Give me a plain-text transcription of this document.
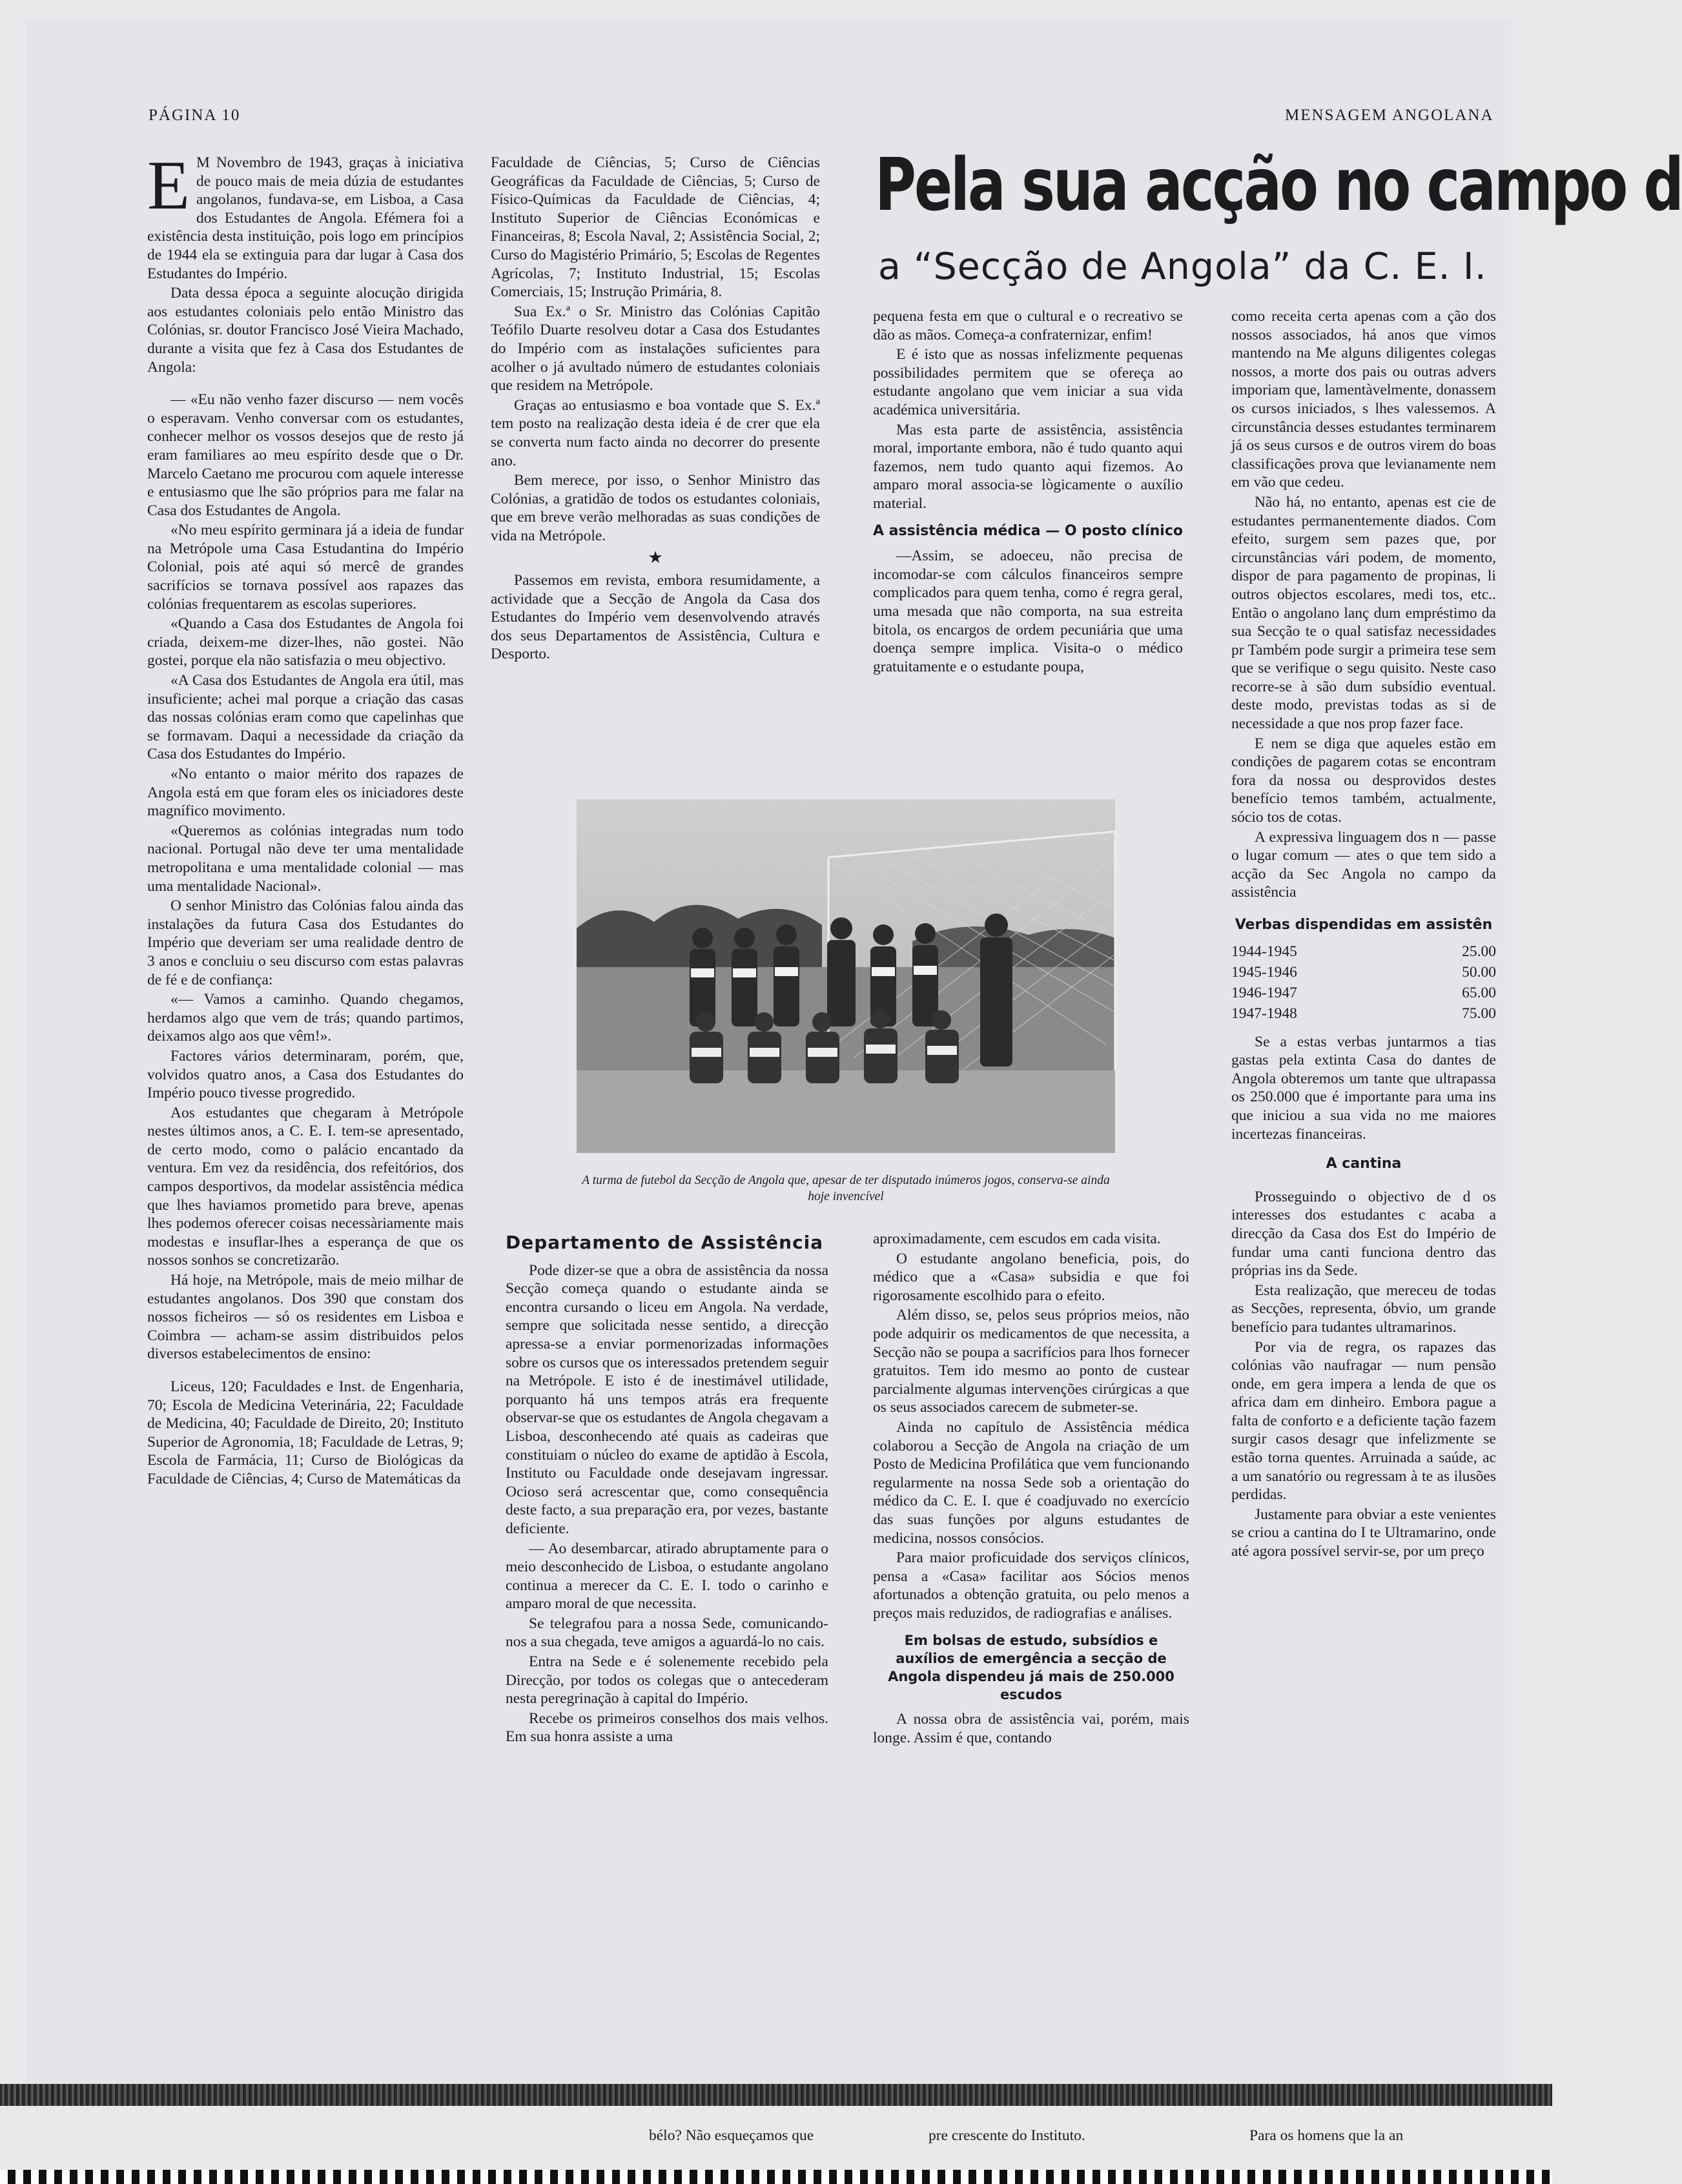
PÁGINA 10	MENSAGEM ANGOLANA
Pela sua acção no campo d
a “Secção de Angola” da C. E. I.
E M Novembro de 1943, graças à iniciativa de pouco mais de meia dúzia de estudantes angolanos, fundava-se, em Lisboa, a Casa dos Estudantes de Angola. Efémera foi a existência desta instituição, pois logo em princípios de 1944 ela se extinguia para dar lugar à Casa dos Estudantes do Império.

Data dessa época a seguinte alocução dirigida aos estudantes coloniais pelo então Ministro das Colónias, sr. doutor Francisco José Vieira Machado, durante a visita que fez à Casa dos Estudantes de Angola:

— «Eu não venho fazer discurso — nem vocês o esperavam. Venho conversar com os estudantes, conhecer melhor os vossos desejos que de resto já eram familiares ao meu espírito desde que o Dr. Marcelo Caetano me procurou com aquele interesse e entusiasmo que lhe são próprios para me falar na Casa dos Estudantes de Angola.

«No meu espírito germinara já a ideia de fundar na Metrópole uma Casa Estudantina do Império Colonial, pois até aqui só mercê de grandes sacrifícios se tornava possível aos rapazes das colónias frequentarem as escolas superiores.

«Quando a Casa dos Estudantes de Angola foi criada, deixem-me dizer-lhes, não gostei. Não gostei, porque ela não satisfazia o meu objectivo.

«A Casa dos Estudantes de Angola era útil, mas insuficiente; achei mal porque a criação das casas das nossas colónias eram como que capelinhas que se formavam. Daqui a necessidade da criação da Casa dos Estudantes do Império.

«No entanto o maior mérito dos rapazes de Angola está em que foram eles os iniciadores deste magnífico movimento.

«Queremos as colónias integradas num todo nacional. Portugal não deve ter uma mentalidade metropolitana e uma mentalidade colonial — mas uma mentalidade Nacional».

O senhor Ministro das Colónias falou ainda das instalações da futura Casa dos Estudantes do Império que deveriam ser uma realidade dentro de 3 anos e concluiu o seu discurso com estas palavras de fé e de confiança:

«— Vamos a caminho. Quando chegamos, herdamos algo que vem de trás; quando partimos, deixamos algo aos que vêm!».

Factores vários determinaram, porém, que, volvidos quatro anos, a Casa dos Estudantes do Império pouco tivesse progredido.

Aos estudantes que chegaram à Metrópole nestes últimos anos, a C. E. I. tem-se apresentado, de certo modo, como o palácio encantado da ventura. Em vez da residência, dos refeitórios, dos campos desportivos, da modelar assistência médica que lhes haviamos prometido para breve, apenas lhes podemos oferecer coisas necessàriamente mais modestas e insuflar-lhes a esperança de que os nossos sonhos se concretizarão.

Há hoje, na Metrópole, mais de meio milhar de estudantes angolanos. Dos 390 que constam dos nossos ficheiros — só os residentes em Lisboa e Coimbra — acham-se assim distribuidos pelos diversos estabelecimentos de ensino:

Liceus, 120; Faculdades e Inst. de Engenharia, 70; Escola de Medicina Veterinária, 22; Faculdade de Medicina, 40; Faculdade de Direito, 20; Instituto Superior de Agronomia, 18; Faculdade de Letras, 9; Escola de Farmácia, 11; Curso de Biológicas da Faculdade de Ciências, 4; Curso de Matemáticas da

Faculdade de Ciências, 5; Curso de Ciências Geográficas da Faculdade de Ciências, 5; Curso de Físico-Químicas da Faculdade de Ciências, 4; Instituto Superior de Ciências Económicas e Financeiras, 8; Escola Naval, 2; Assistência Social, 2; Curso do Magistério Primário, 5; Escolas de Regentes Agrícolas, 7; Instituto Industrial, 15; Escolas Comerciais, 15; Instrução Primária, 8.

Sua Ex.ª o Sr. Ministro das Colónias Capitão Teófilo Duarte resolveu dotar a Casa dos Estudantes do Império com as instalações suficientes para acolher o já avultado número de estudantes coloniais que residem na Metrópole.

Graças ao entusiasmo e boa vontade que S. Ex.ª tem posto na realização desta ideia é de crer que ela se converta num facto ainda no decorrer do presente ano.

Bem merece, por isso, o Senhor Ministro das Colónias, a gratidão de todos os estudantes coloniais, que em breve verão melhoradas as suas condições de vida na Metrópole.

★

Passemos em revista, embora resumidamente, a actividade que a Secção de Angola da Casa dos Estudantes do Império vem desenvolvendo através dos seus Departamentos de Assistência, Cultura e Desporto.

pequena festa em que o cultural e o recreativo se dão as mãos. Começa-a confraternizar, enfim!

E é isto que as nossas infelizmente pequenas possibilidades permitem que se ofereça ao estudante angolano que vem iniciar a sua vida académica universitária.

Mas esta parte de assistência, assistência moral, importante embora, não é tudo quanto aqui fazemos, nem tudo quanto aqui fizemos. Ao amparo moral associa-se lògicamente o auxílio material.

A assistência médica — O posto clínico

—Assim, se adoeceu, não precisa de incomodar-se com cálculos financeiros sempre complicados para quem tenha, como é regra geral, uma mesada que não comporta, na sua estreita bitola, os encargos de ordem pecuniária que uma doença sempre implica. Visita-o o médico gratuitamente e o estudante poupa,

como receita certa apenas com a ção dos nossos associados, há anos que vimos mantendo na Me alguns diligentes colegas nossos, a morte dos pais ou outras advers imporiam que, lamentàvelmente, donassem os cursos iniciados, s lhes valessemos. A circunstância desses estudantes terminarem já os seus cursos e de outros virem do boas classificações prova que levianamente nem em vão que cedeu.

Não há, no entanto, apenas est cie de estudantes permanentemente diados. Com efeito, surgem sem pazes que, por circunstâncias vári podem, de momento, dispor de para pagamento de propinas, li outros objectos escolares, medi tos, etc.. Então o angolano lanç dum empréstimo da sua Secção te o qual satisfaz necessidades pr Também pode surgir a primeira tese sem que se verifique o segu quisito. Neste caso recorre-se à são dum subsídio eventual. deste modo, previstas todas as si de necessidade a que nos prop fazer face.

E nem se diga que aqueles estão em condições de pagarem cotas se encontram fora da nossa ou desprovidos destes benefício temos também, actualmente, sócio tos de cotas.

A expressiva linguagem dos n — passe o lugar comum — ates o que tem sido a acção da Sec Angola no campo da assistência

Verbas dispendidas em assistên
1944-1945	25.00
1945-1946	50.00
1946-1947	65.00
1947-1948	75.00

Se a estas verbas juntarmos a tias gastas pela extinta Casa do dantes de Angola obteremos um tante que ultrapassa os 250.000 que é importante para uma ins que iniciou a sua vida no me maiores incertezas financeiras.

A cantina

Prosseguindo o objectivo de d os interesses dos estudantes c acaba a direcção da Casa dos Est do Império de fundar uma canti funciona dentro das próprias ins da Sede.

Esta realização, que mereceu de todas as Secções, representa, óbvio, um grande benefício para tudantes ultramarinos.

Por via de regra, os rapazes das colónias vão naufragar — num pensão onde, em gera impera a lenda de que os africa dam em dinheiro. Embora pague a falta de conforto e a deficiente tação fazem surgir casos desagr que infelizmente se estão torna quentes. Arruinada a saúde, ac a um sanatório ou regressam à te as ilusões perdidas.

Justamente para obviar a este venientes se criou a cantina do I te Ultramarino, onde até agora possível servir-se, por um preço

A turma de futebol da Secção de Angola que, apesar de ter disputado inúmeros jogos, conserva-se ainda hoje invencível
Departamento de Assistência

Pode dizer-se que a obra de assistência da nossa Secção começa quando o estudante ainda se encontra cursando o liceu em Angola. Na verdade, sempre que solicitada nesse sentido, a direcção apressa-se a enviar pormenorizadas informações sobre os cursos que os interessados pretendem seguir na Metrópole. E isto é de inestimável utilidade, porquanto há uns tempos atrás era frequente observar-se que os estudantes de Angola chegavam a Lisboa, desconhecendo até quais as cadeiras que constituiam o núcleo do exame de aptidão à Escola, Instituto ou Faculdade onde desejavam ingressar. Ocioso será acrescentar que, como consequência deste facto, a sua preparação era, por vezes, bastante deficiente.

— Ao desembarcar, atirado abruptamente para o meio desconhecido de Lisboa, o estudante angolano continua a merecer da C. E. I. todo o carinho e amparo moral de que necessita.

Se telegrafou para a nossa Sede, comunicando-nos a sua chegada, teve amigos a aguardá-lo no cais.

Entra na Sede e é solenemente recebido pela Direcção, por todos os colegas que o antecederam nesta peregrinação à capital do Império.

Recebe os primeiros conselhos dos mais velhos. Em sua honra assiste a uma

aproximadamente, cem escudos em cada visita.

O estudante angolano beneficia, pois, do médico que a «Casa» subsidia e que foi rigorosamente escolhido para o efeito.

Além disso, se, pelos seus próprios meios, não pode adquirir os medicamentos de que necessita, a Secção não se poupa a sacrifícios para lhos fornecer gratuitos. Tem ido mesmo ao ponto de custear parcialmente algumas intervenções cirúrgicas a que os seus associados carecem de submeter-se.

Ainda no capítulo de Assistência médica colaborou a Secção de Angola na criação de um Posto de Medicina Profilática que vem funcionando regularmente na nossa Sede sob a orientação do médico da C. E. I. que é coadjuvado no exercício das suas funções por alguns estudantes de medicina, nossos consócios.

Para maior proficuidade dos serviços clínicos, pensa a «Casa» facilitar aos Sócios menos afortunados a obtenção gratuita, ou pelo menos a preços mais reduzidos, de radiografias e análises.

Em bolsas de estudo, subsídios e auxílios de emergência a secção de Angola dispendeu já mais de 250.000 escudos

A nossa obra de assistência vai, porém, mais longe. Assim é que, contando

bélo? Não esqueçamos que	pre crescente do Instituto.	Para os homens que la an
